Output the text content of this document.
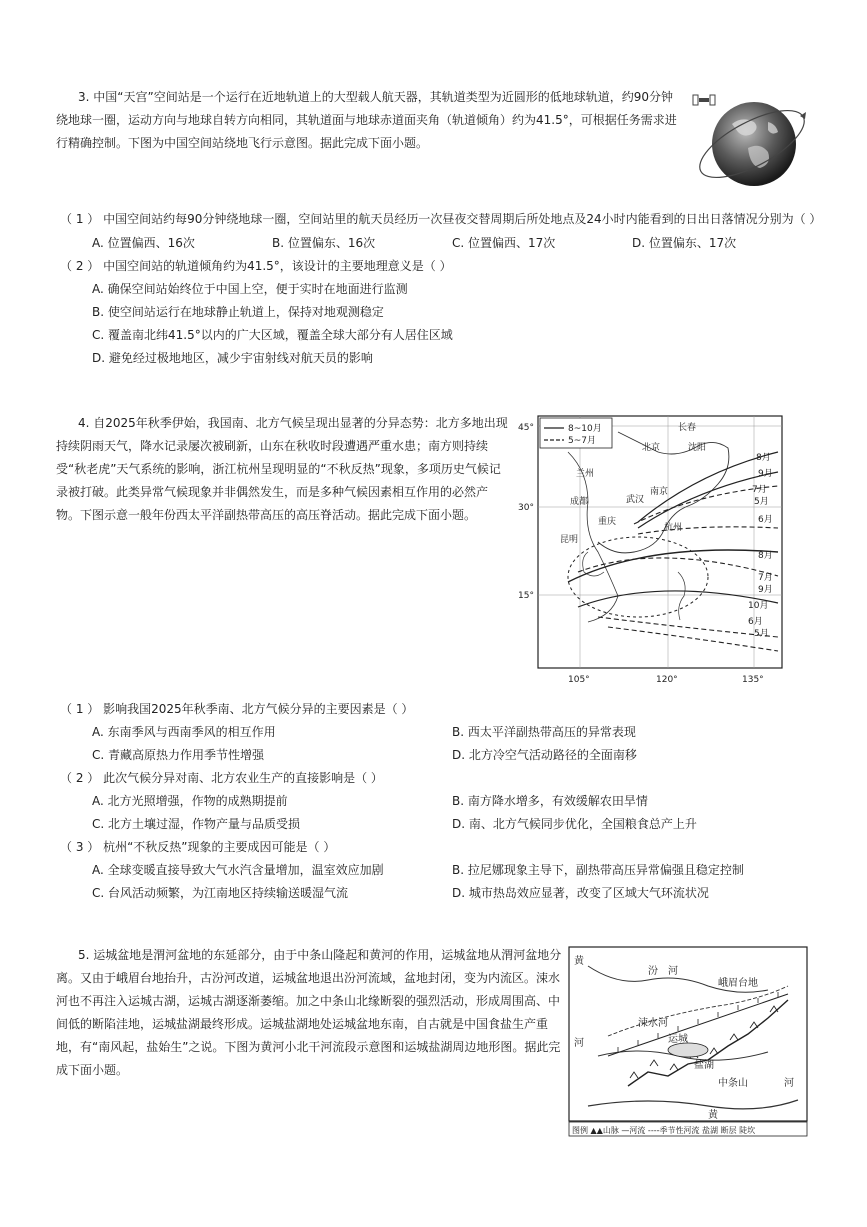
3. 中国“天宫”空间站是一个运行在近地轨道上的大型载人航天器，其轨道类型为近圆形的低地球轨道，约90分钟绕地球一圈，运动方向与地球自转方向相同，其轨道面与地球赤道面夹角（轨道倾角）约为41.5°，可根据任务需求进行精确控制。下图为中国空间站绕地飞行示意图。据此完成下面小题。
（ 1 ） 中国空间站约每90分钟绕地球一圈，空间站里的航天员经历一次昼夜交替周期后所处地点及24小时内能看到的日出日落情况分别为（ ）
A. 位置偏西、16次	B. 位置偏东、16次	C. 位置偏西、17次	D. 位置偏东、17次
（ 2 ） 中国空间站的轨道倾角约为41.5°，该设计的主要地理意义是（ ）
A. 确保空间站始终位于中国上空，便于实时在地面进行监测
B. 使空间站运行在地球静止轨道上，保持对地观测稳定
C. 覆盖南北纬41.5°以内的广大区域，覆盖全球大部分有人居住区域
D. 避免经过极地地区，减少宇宙射线对航天员的影响
4. 自2025年秋季伊始，我国南、北方气候呈现出显著的分异态势：北方多地出现持续阴雨天气，降水记录屡次被刷新，山东在秋收时段遭遇严重水患；南方则持续受“秋老虎”天气系统的影响，浙江杭州呈现明显的“不秋反热”现象，多项历史气候记录被打破。此类异常气候现象并非偶然发生，而是多种气候因素相互作用的必然产物。下图示意一般年份西太平洋副热带高压的高压脊活动。据此完成下面小题。
8~10月
5~7月
长春
沈阳
北京
兰州
成都
重庆
武汉
南京
杭州
昆明
8月
9月
7月
5月
6月
8月
7月
9月
10月
6月
5月
45°
30°
15°
105°	120°	135°
（ 1 ） 影响我国2025年秋季南、北方气候分异的主要因素是（ ）
A. 东南季风与西南季风的相互作用	B. 西太平洋副热带高压的异常表现
C. 青藏高原热力作用季节性增强	D. 北方冷空气活动路径的全面南移
（ 2 ） 此次气候分异对南、北方农业生产的直接影响是（ ）
A. 北方光照增强，作物的成熟期提前	B. 南方降水增多，有效缓解农田旱情
C. 北方土壤过湿，作物产量与品质受损	D. 南、北方气候同步优化，全国粮食总产上升
（ 3 ） 杭州“不秋反热”现象的主要成因可能是（ ）
A. 全球变暖直接导致大气水汽含量增加，温室效应加剧	B. 拉尼娜现象主导下，副热带高压异常偏强且稳定控制
C. 台风活动频繁，为江南地区持续输送暖湿气流	D. 城市热岛效应显著，改变了区域大气环流状况
5. 运城盆地是渭河盆地的东延部分，由于中条山隆起和黄河的作用，运城盆地从渭河盆地分离。又由于峨眉台地抬升，古汾河改道，运城盆地退出汾河流域，盆地封闭，变为内流区。涑水河也不再注入运城古湖，运城古湖逐渐萎缩。加之中条山北缘断裂的强烈活动，形成周围高、中间低的断陷洼地，运城盐湖最终形成。运城盐湖地处运城盆地东南，自古就是中国食盐生产重地，有“南风起，盐始生”之说。下图为黄河小北干河流段示意图和运城盐湖周边地形图。据此完成下面小题。
黄
河
汾 河
峨眉台地
涑水河
运城
盐湖
中条山
黄
河
图例 ▲▲山脉 —河流 ----季节性河流 盐湖 断层 陡坎
